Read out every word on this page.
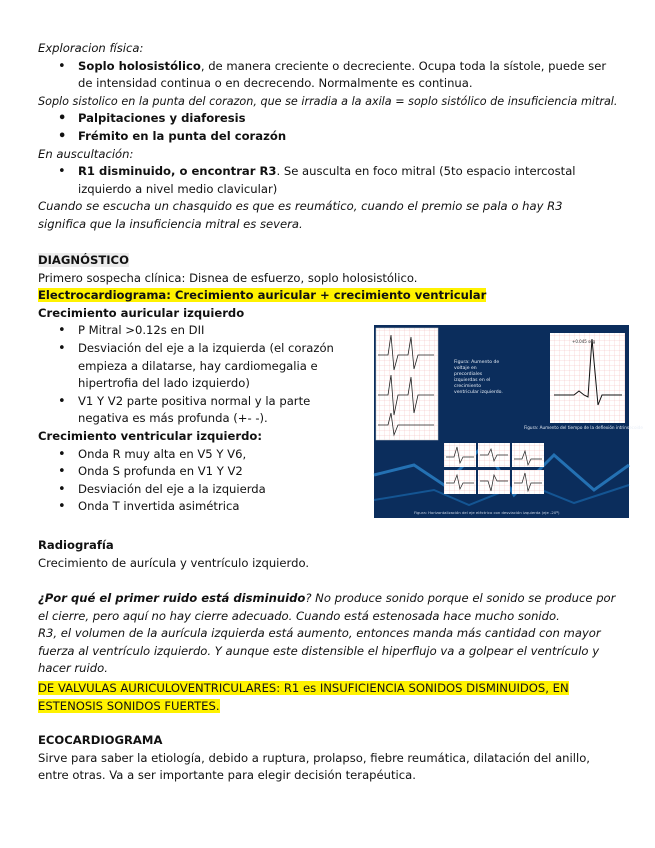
Exploracion física:

• Soplo holosistólico, de manera creciente o decreciente. Ocupa toda la sístole, puede ser de intensidad continua o en decrecendo. Normalmente es continua.

Soplo sistolico en la punta del corazon, que se irradia a la axila = soplo sistólico de insuficiencia mitral.

• Palpitaciones y diaforesis
• Frémito en la punta del corazón

En auscultación:

• R1 disminuido, o encontrar R3. Se ausculta en foco mitral (5to espacio intercostal izquierdo a nivel medio clavicular)

Cuando se escucha un chasquido es que es reumático, cuando el premio se pala o hay R3

significa que la insuficiencia mitral es severa.

DIAGNÓSTICO

Primero sospecha clínica: Disnea de esfuerzo, soplo holosistólico.

Electrocardiograma: Crecimiento auricular + crecimiento ventricular

Crecimiento auricular izquierdo

• P Mitral >0.12s en DII
• Desviación del eje a la izquierda (el corazón empieza a dilatarse, hay cardiomegalia e hipertrofia del lado izquierdo)
• V1 Y V2 parte positiva normal y la parte negativa es más profunda (+- -).

Crecimiento ventricular izquierdo:

• Onda R muy alta en V5 Y V6,
• Onda S profunda en V1 Y V2
• Desviación del eje a la izquierda
• Onda T invertida asimétrica
Figura: Aumento de voltaje en precordiales izquierdas en el crecimiento ventricular izquierdo.
+0.045 seg
Figura: Aumento del tiempo de la deflexión intrinsecoide
Figura: Horizontalización del eje eléctrico con desviación izquierda (eje -20º)

Radiografía

Crecimiento de aurícula y ventrículo izquierdo.

¿Por qué el primer ruido está disminuido? No produce sonido porque el sonido se produce por el cierre, pero aquí no hay cierre adecuado. Cuando está estenosada hace mucho sonido.

R3, el volumen de la aurícula izquierda está aumento, entonces manda más cantidad con mayor fuerza al ventrículo izquierdo. Y aunque este distensible el hiperflujo va a golpear el ventrículo y hacer ruido.

DE VALVULAS AURICULOVENTRICULARES: R1 es INSUFICIENCIA SONIDOS DISMINUIDOS, EN ESTENOSIS SONIDOS FUERTES.

ECOCARDIOGRAMA

Sirve para saber la etiología, debido a ruptura, prolapso, fiebre reumática, dilatación del anillo, entre otras. Va a ser importante para elegir decisión terapéutica.
